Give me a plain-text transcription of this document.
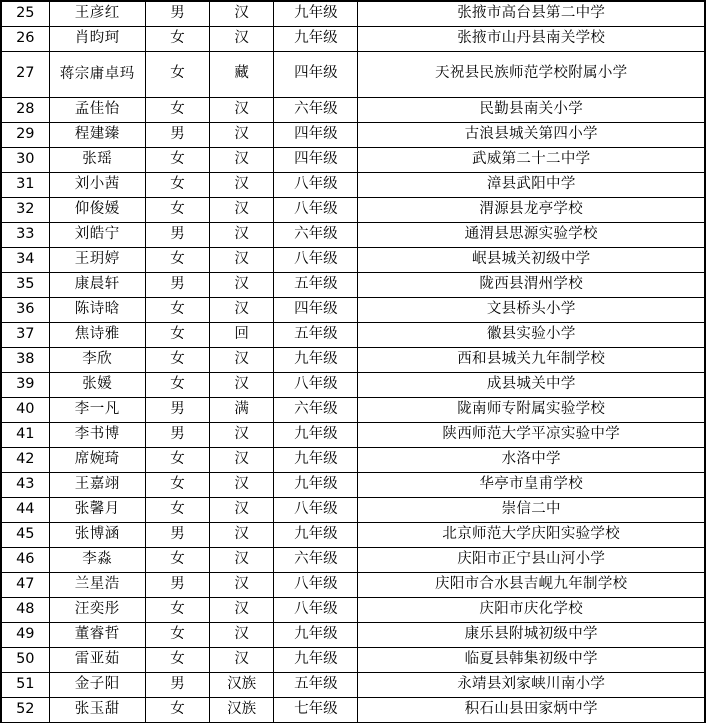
25	王彦红	男	汉	九年级	张掖市高台县第二中学
26	肖昀珂	女	汉	九年级	张掖市山丹县南关学校
27	蒋宗庸卓玛	女	藏	四年级	天祝县民族师范学校附属小学
28	孟佳怡	女	汉	六年级	民勤县南关小学
29	程建臻	男	汉	四年级	古浪县城关第四小学
30	张瑶	女	汉	四年级	武威第二十二中学
31	刘小茜	女	汉	八年级	漳县武阳中学
32	仰俊媛	女	汉	八年级	渭源县龙亭学校
33	刘皓宁	男	汉	六年级	通渭县思源实验学校
34	王玥婷	女	汉	八年级	岷县城关初级中学
35	康晨轩	男	汉	五年级	陇西县渭州学校
36	陈诗晗	女	汉	四年级	文县桥头小学
37	焦诗雅	女	回	五年级	徽县实验小学
38	李欣	女	汉	九年级	西和县城关九年制学校
39	张媛	女	汉	八年级	成县城关中学
40	李一凡	男	满	六年级	陇南师专附属实验学校
41	李书博	男	汉	九年级	陕西师范大学平凉实验中学
42	席婉琦	女	汉	九年级	水洛中学
43	王嘉翊	女	汉	九年级	华亭市皇甫学校
44	张馨月	女	汉	八年级	崇信二中
45	张博涵	男	汉	九年级	北京师范大学庆阳实验学校
46	李淼	女	汉	六年级	庆阳市正宁县山河小学
47	兰星浩	男	汉	八年级	庆阳市合水县吉岘九年制学校
48	汪奕彤	女	汉	八年级	庆阳市庆化学校
49	董睿哲	女	汉	九年级	康乐县附城初级中学
50	雷亚茹	女	汉	九年级	临夏县韩集初级中学
51	金子阳	男	汉族	五年级	永靖县刘家峡川南小学
52	张玉甜	女	汉族	七年级	积石山县田家炳中学
